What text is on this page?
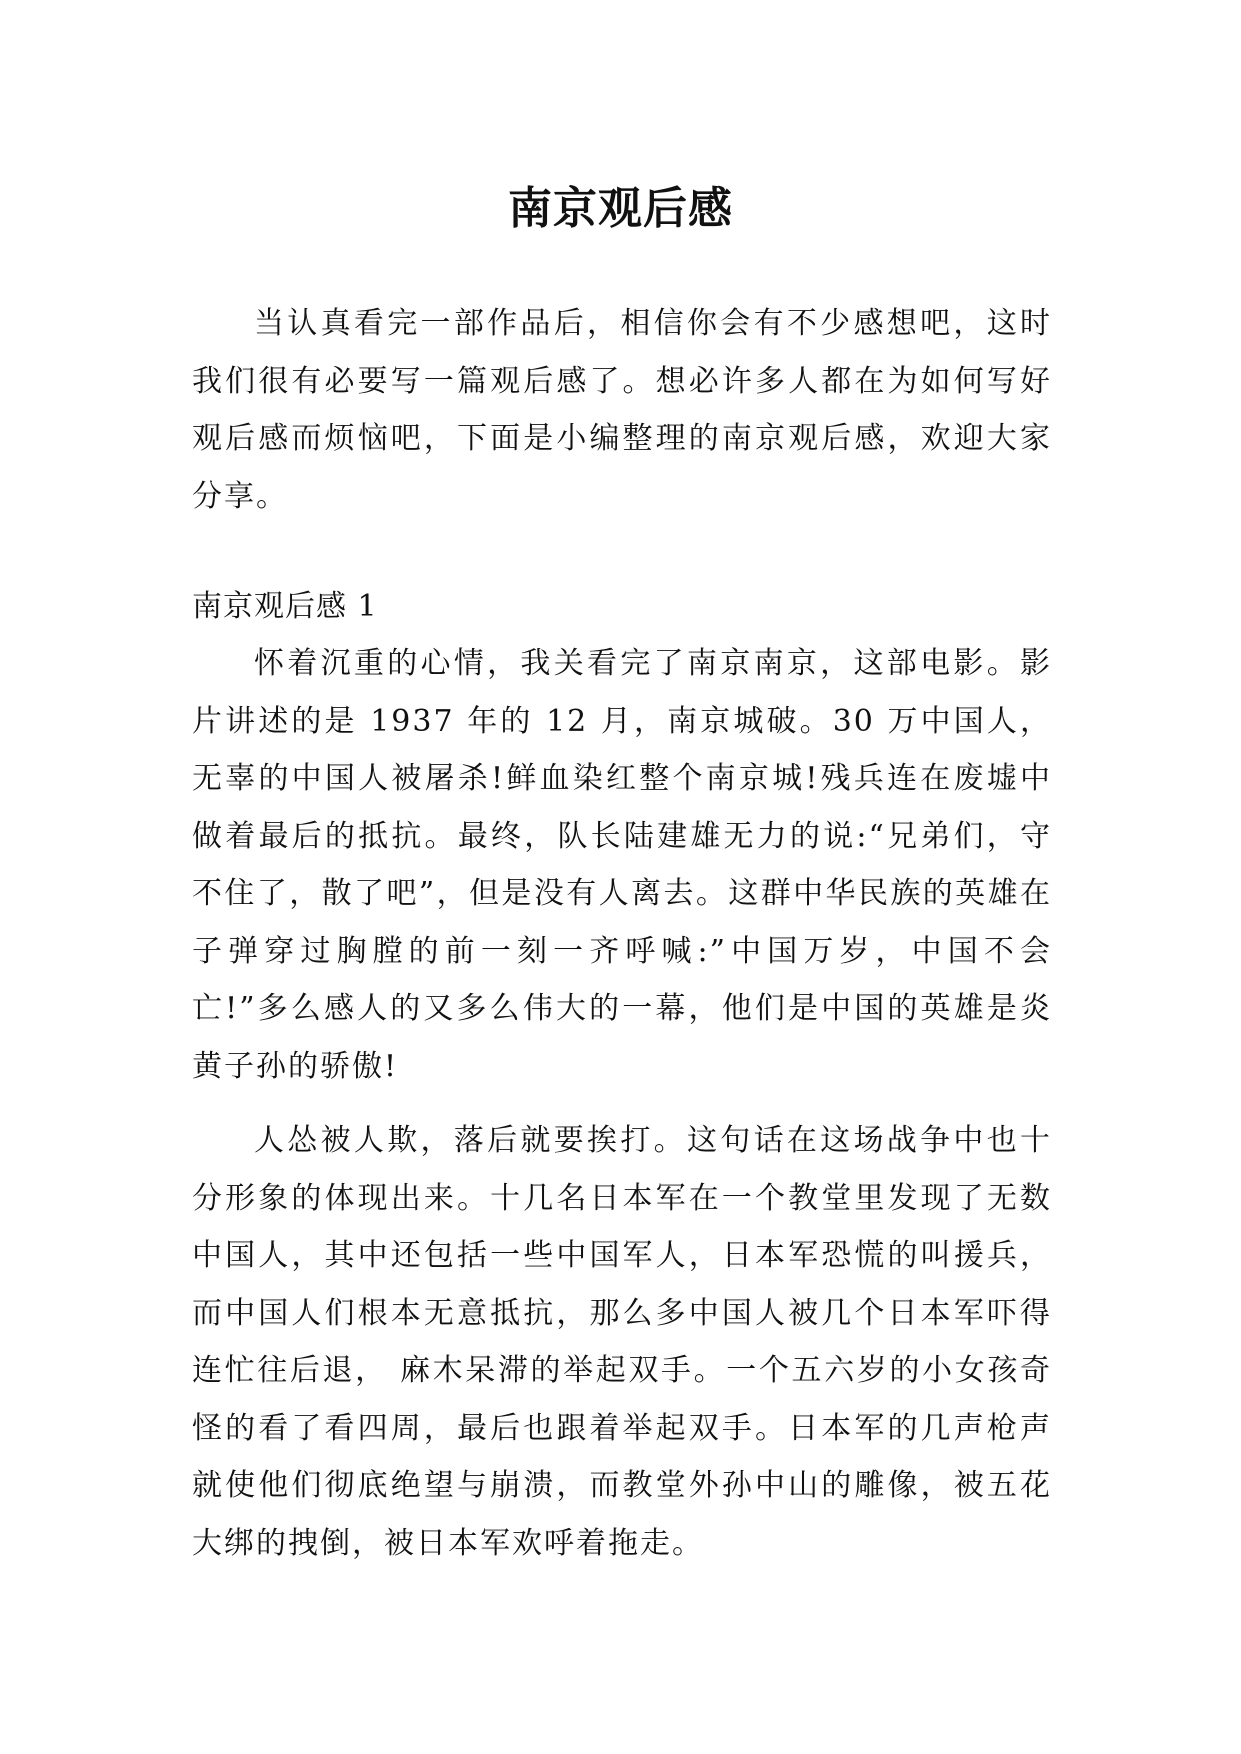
南京观后感

当认真看完一部作品后，相信你会有不少感想吧，这时我们很有必要写一篇观后感了。想必许多人都在为如何写好观后感而烦恼吧，下面是小编整理的南京观后感，欢迎大家分享。

南京观后感 1

怀着沉重的心情，我关看完了南京南京，这部电影。影片讲述的是 1937 年的 12 月，南京城破。30 万中国人，无辜的中国人被屠杀!鲜血染红整个南京城!残兵连在废墟中做着最后的抵抗。最终，队长陆建雄无力的说:“兄弟们，守不住了，散了吧”，但是没有人离去。这群中华民族的英雄在子弹穿过胸膛的前一刻一齐呼喊:”中国万岁，中国不会亡!”多么感人的又多么伟大的一幕，他们是中国的英雄是炎黄子孙的骄傲!

人怂被人欺，落后就要挨打。这句话在这场战争中也十分形象的体现出来。十几名日本军在一个教堂里发现了无数中国人，其中还包括一些中国军人，日本军恐慌的叫援兵，而中国人们根本无意抵抗，那么多中国人被几个日本军吓得连忙往后退， 麻木呆滞的举起双手。一个五六岁的小女孩奇怪的看了看四周，最后也跟着举起双手。日本军的几声枪声就使他们彻底绝望与崩溃，而教堂外孙中山的雕像，被五花大绑的拽倒，被日本军欢呼着拖走。
